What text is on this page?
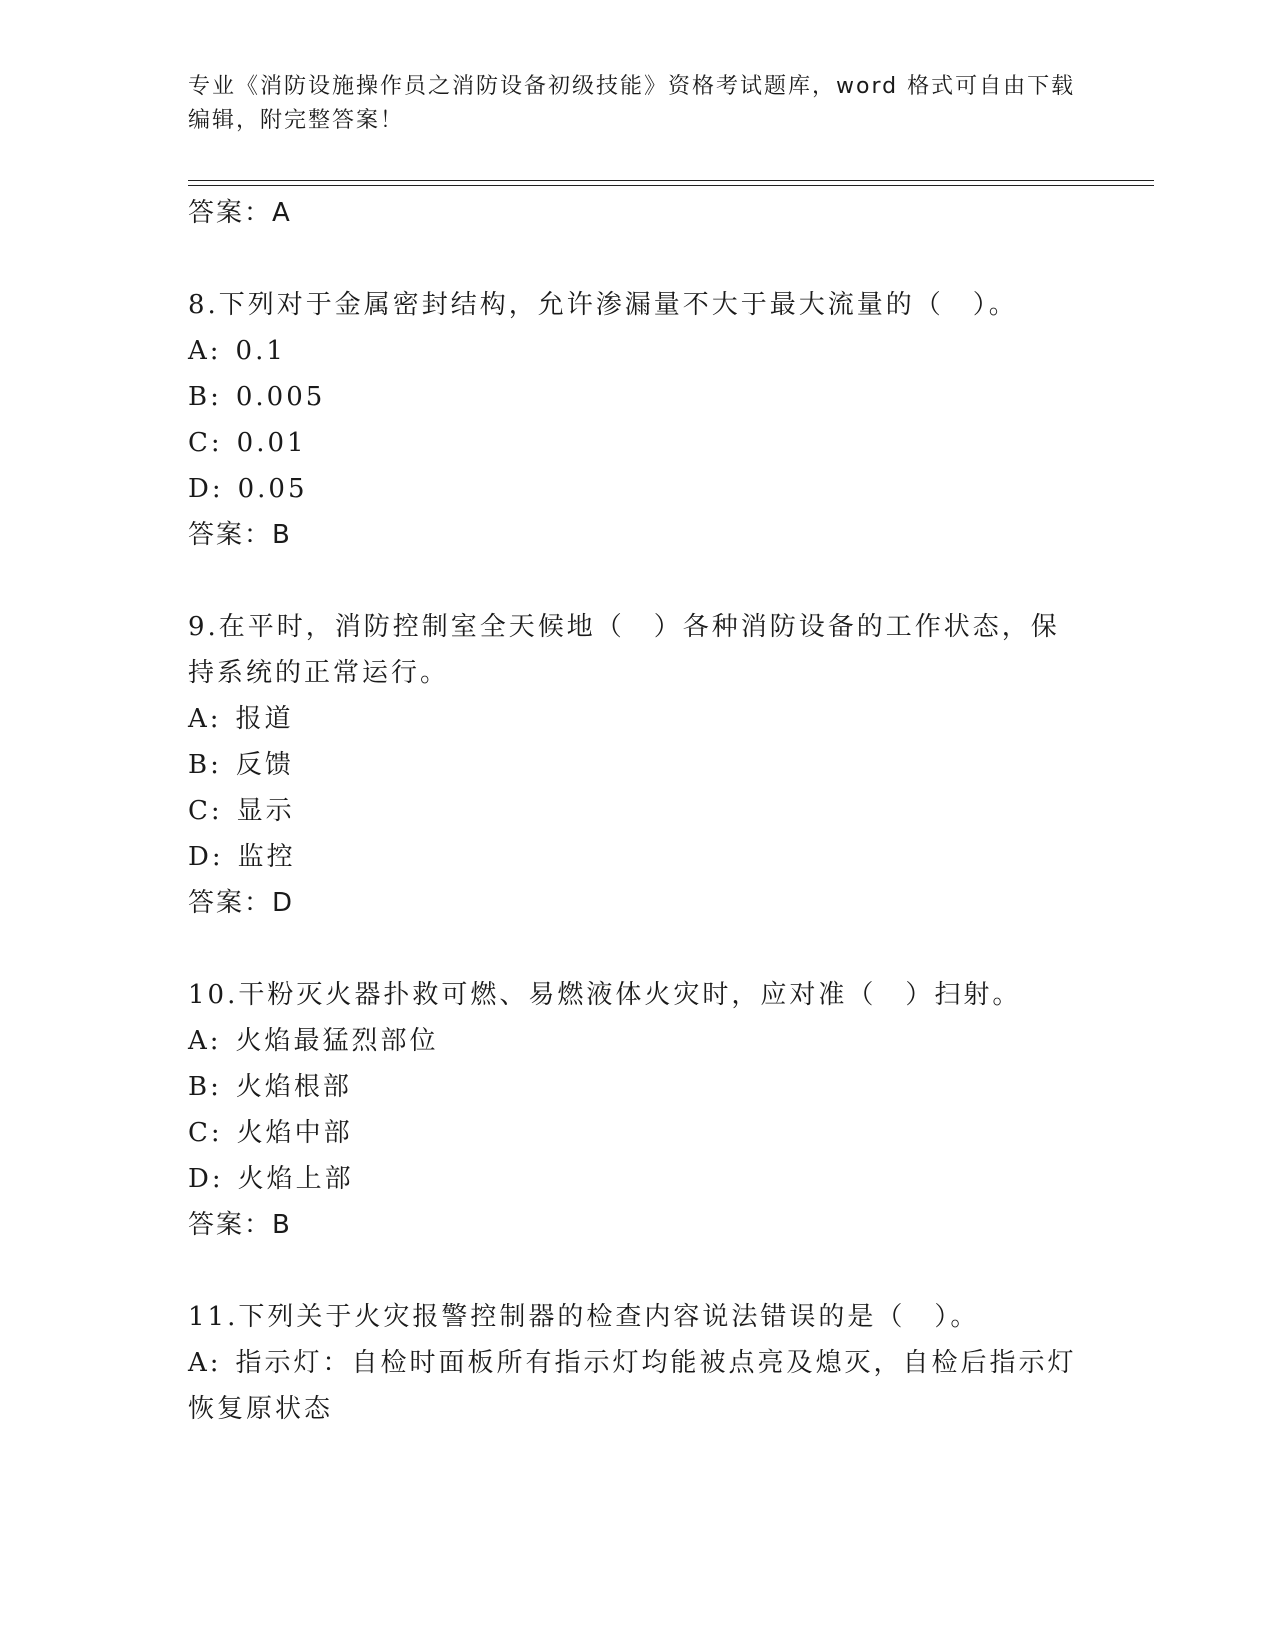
专业《消防设施操作员之消防设备初级技能》资格考试题库，word 格式可自由下载编辑，附完整答案！
答案：A
8.下列对于金属密封结构，允许渗漏量不大于最大流量的（　）。
A: 0.1
B: 0.005
C: 0.01
D: 0.05
答案：B
9.在平时，消防控制室全天候地（　）各种消防设备的工作状态，保持系统的正常运行。
A: 报道
B: 反馈
C: 显示
D: 监控
答案：D
10.干粉灭火器扑救可燃、易燃液体火灾时，应对准（　）扫射。
A: 火焰最猛烈部位
B: 火焰根部
C: 火焰中部
D: 火焰上部
答案：B
11.下列关于火灾报警控制器的检查内容说法错误的是（　）。
A: 指示灯：自检时面板所有指示灯均能被点亮及熄灭，自检后指示灯恢复原状态
